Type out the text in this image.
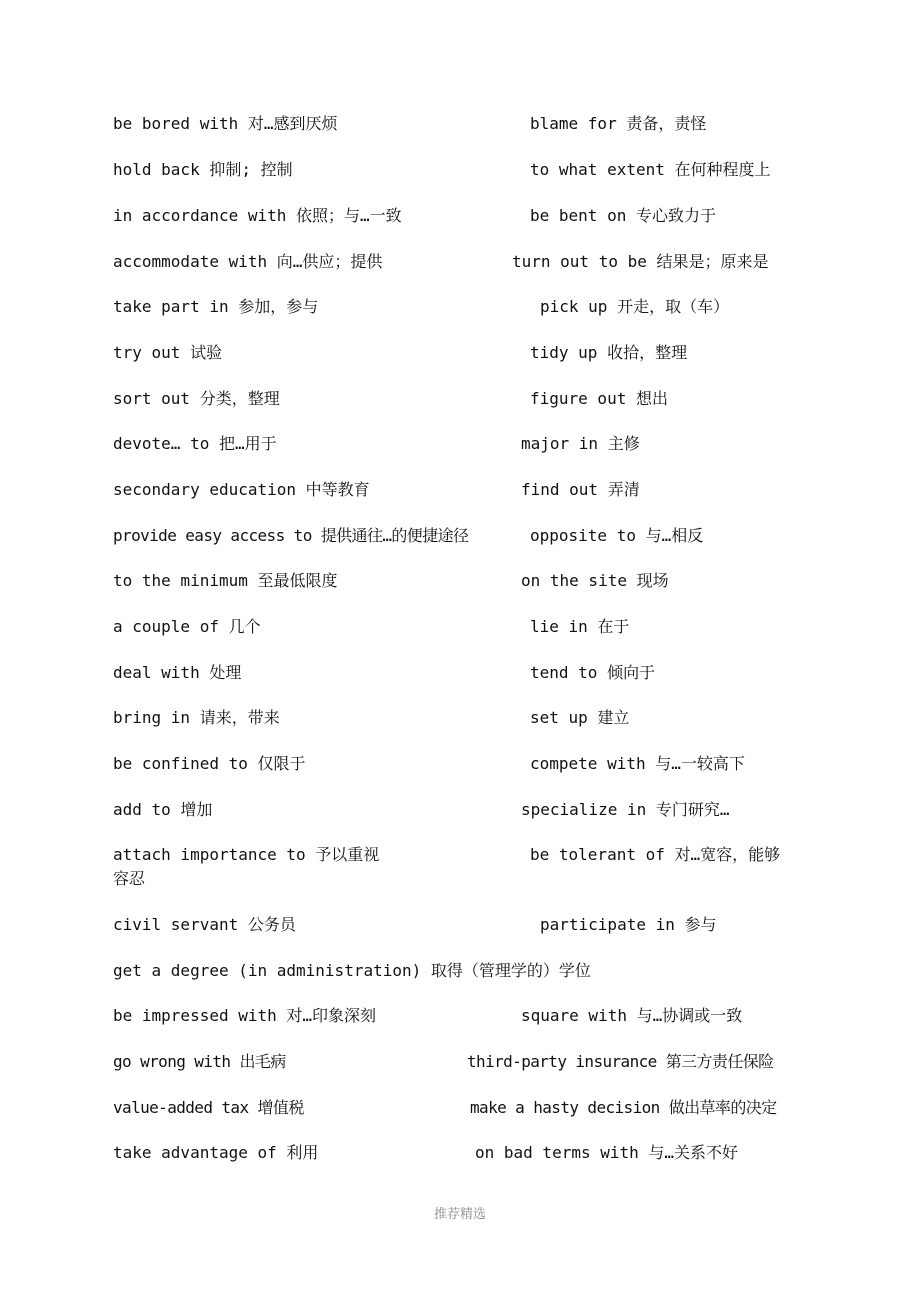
be bored with 对…感到厌烦	blame for 责备，责怪
hold back 抑制; 控制	to what extent 在何种程度上
in accordance with 依照；与…一致	be bent on 专心致力于
accommodate with 向…供应；提供	turn out to be 结果是；原来是
take part in 参加，参与	pick up 开走，取（车）
try out 试验	tidy up 收拾，整理
sort out 分类，整理	figure out 想出
devote… to 把…用于	major in 主修
secondary education 中等教育	find out 弄清
provide easy access to 提供通往…的便捷途径	opposite to 与…相反
to the minimum 至最低限度	on the site 现场
a couple of 几个	lie in 在于
deal with 处理	tend to 倾向于
bring in 请来，带来	set up 建立
be confined to 仅限于	compete with 与…一较高下
add to 增加	specialize in 专门研究…
attach importance to 予以重视	be tolerant of 对…宽容，能够
容忍
civil servant 公务员	participate in 参与
get a degree (in administration) 取得（管理学的）学位
be impressed with 对…印象深刻	square with 与…协调或一致
go wrong with 出毛病	third-party insurance 第三方责任保险
value-added tax 增值税	make a hasty decision 做出草率的决定
take advantage of 利用	on bad terms with 与…关系不好
推荐精选
